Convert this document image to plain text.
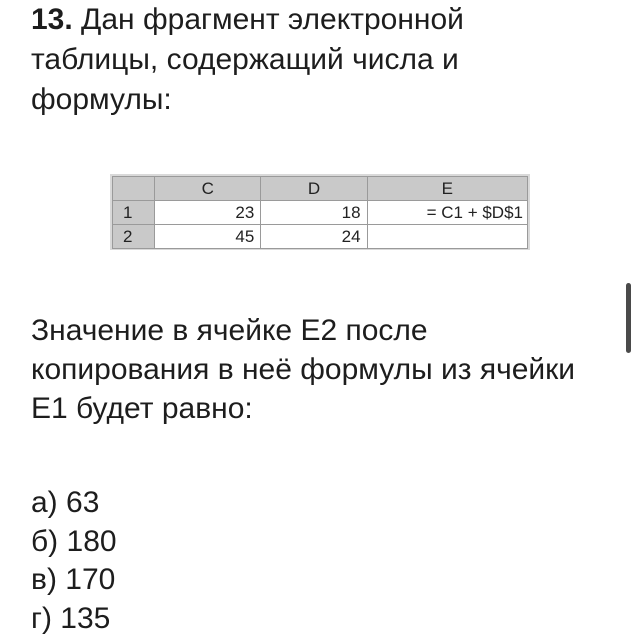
13. Дан фрагмент электронной таблицы, содержащий числа и формулы:
	C	D	E
1	23	18	= C1 + $D$1
2	45	24	

Значение в ячейке E2 после копирования в неё формулы из ячейки E1 будет равно:

а) 63
б) 180
в) 170
г) 135
